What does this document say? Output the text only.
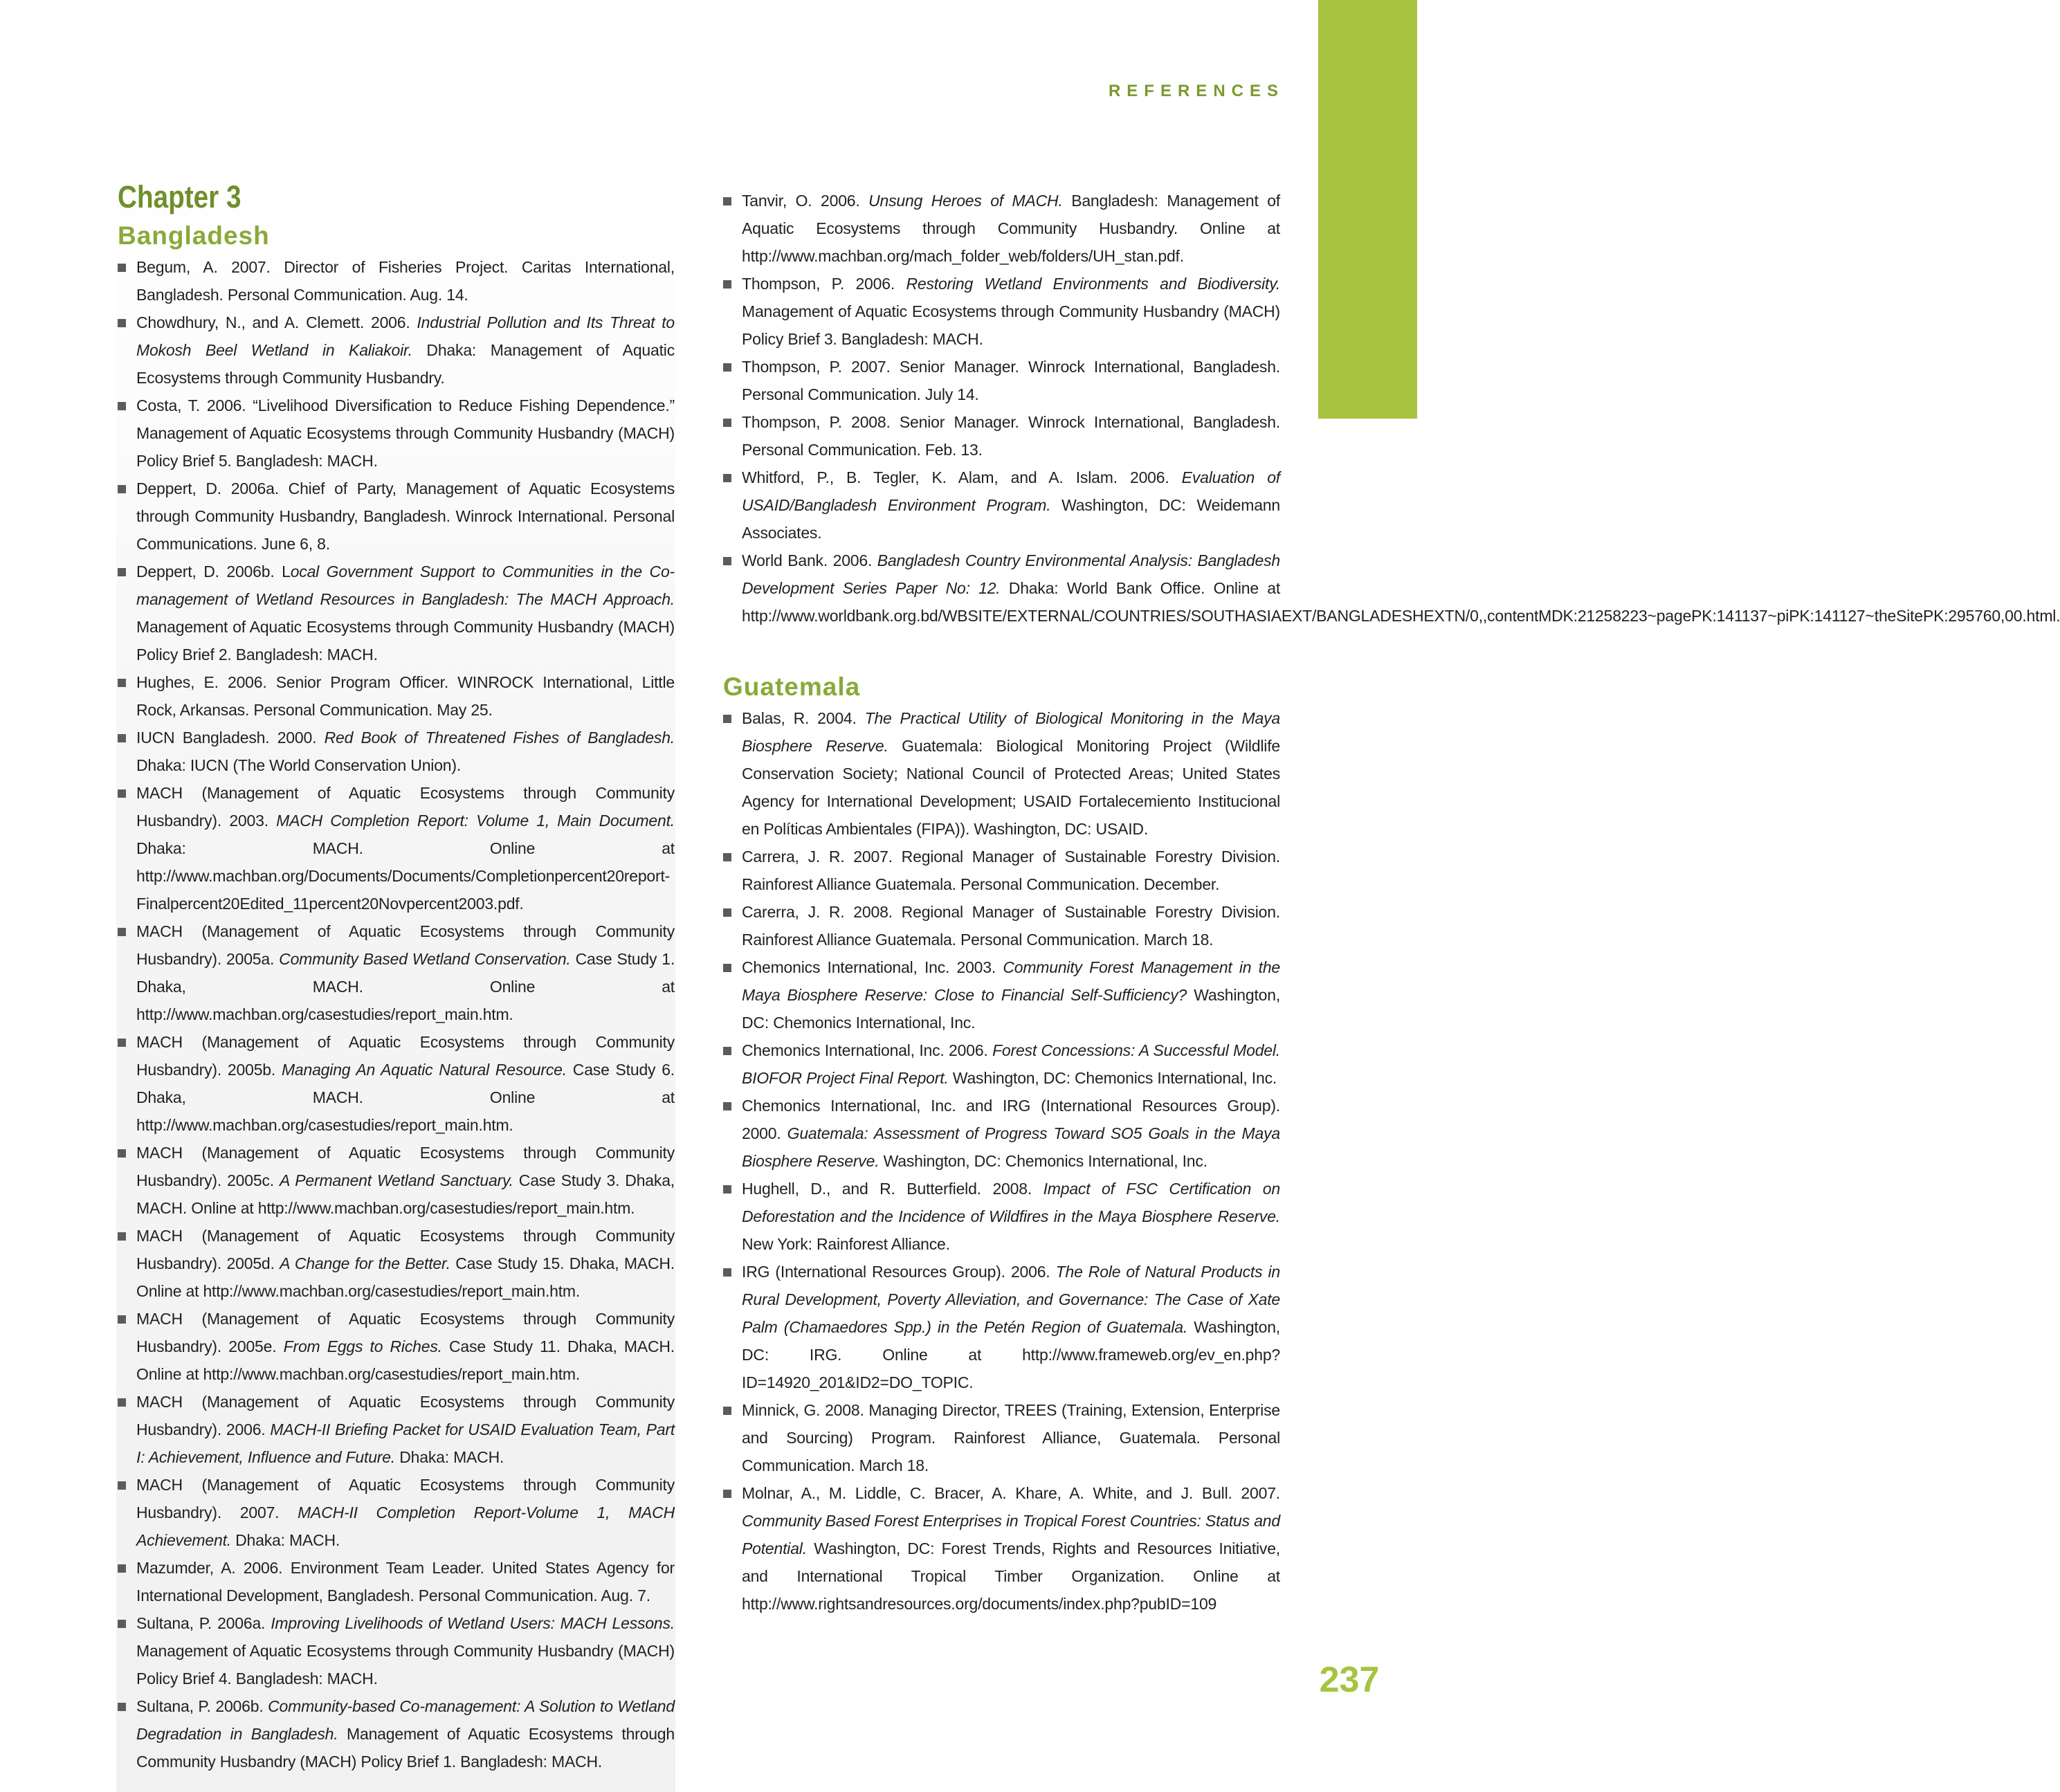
REFERENCES
Chapter 3
Bangladesh
Begum, A. 2007. Director of Fisheries Project. Caritas International, Bangladesh. Personal Communication. Aug. 14.
Chowdhury, N., and A. Clemett. 2006. Industrial Pollution and Its Threat to Mokosh Beel Wetland in Kaliakoir. Dhaka: Management of Aquatic Ecosystems through Community Husbandry.
Costa, T. 2006. “Livelihood Diversification to Reduce Fishing Dependence.” Management of Aquatic Ecosystems through Community Husbandry (MACH) Policy Brief 5. Bangladesh: MACH.
Deppert, D. 2006a. Chief of Party, Management of Aquatic Ecosystems through Community Husbandry, Bangladesh. Winrock International. Personal Communications. June 6, 8.
Deppert, D. 2006b. Local Government Support to Communities in the Co-management of Wetland Resources in Bangladesh: The MACH Approach. Management of Aquatic Ecosystems through Community Husbandry (MACH) Policy Brief 2. Bangladesh: MACH.
Hughes, E. 2006. Senior Program Officer. WINROCK International, Little Rock, Arkansas. Personal Communication. May 25.
IUCN Bangladesh. 2000. Red Book of Threatened Fishes of Bangladesh. Dhaka: IUCN (The World Conservation Union).
MACH (Management of Aquatic Ecosystems through Community Husbandry). 2003. MACH Completion Report: Volume 1, Main Document. Dhaka: MACH. Online at http://www.machban.org/Documents/Documents/Completionpercent20report-Finalpercent20Edited_11percent20Novpercent2003.pdf.
MACH (Management of Aquatic Ecosystems through Community Husbandry). 2005a. Community Based Wetland Conservation. Case Study 1. Dhaka, MACH. Online at http://www.machban.org/casestudies/report_main.htm.
MACH (Management of Aquatic Ecosystems through Community Husbandry). 2005b. Managing An Aquatic Natural Resource. Case Study 6. Dhaka, MACH. Online at http://www.machban.org/casestudies/report_main.htm.
MACH (Management of Aquatic Ecosystems through Community Husbandry). 2005c. A Permanent Wetland Sanctuary. Case Study 3. Dhaka, MACH. Online at http://www.machban.org/casestudies/report_main.htm.
MACH (Management of Aquatic Ecosystems through Community Husbandry). 2005d. A Change for the Better. Case Study 15. Dhaka, MACH. Online at http://www.machban.org/casestudies/report_main.htm.
MACH (Management of Aquatic Ecosystems through Community Husbandry). 2005e. From Eggs to Riches. Case Study 11. Dhaka, MACH. Online at http://www.machban.org/casestudies/report_main.htm.
MACH (Management of Aquatic Ecosystems through Community Husbandry). 2006. MACH-II Briefing Packet for USAID Evaluation Team, Part I: Achievement, Influence and Future. Dhaka: MACH.
MACH (Management of Aquatic Ecosystems through Community Husbandry). 2007. MACH-II Completion Report-Volume 1, MACH Achievement. Dhaka: MACH.
Mazumder, A. 2006. Environment Team Leader. United States Agency for International Development, Bangladesh. Personal Communication. Aug. 7.
Sultana, P. 2006a. Improving Livelihoods of Wetland Users: MACH Lessons. Management of Aquatic Ecosystems through Community Husbandry (MACH) Policy Brief 4. Bangladesh: MACH.
Sultana, P. 2006b. Community-based Co-management: A Solution to Wetland Degradation in Bangladesh. Management of Aquatic Ecosystems through Community Husbandry (MACH) Policy Brief 1. Bangladesh: MACH.
Tanvir, O. 2006. Unsung Heroes of MACH. Bangladesh: Management of Aquatic Ecosystems through Community Husbandry. Online at http://www.machban.org/mach_folder_web/folders/UH_stan.pdf.
Thompson, P. 2006. Restoring Wetland Environments and Biodiversity. Management of Aquatic Ecosystems through Community Husbandry (MACH) Policy Brief 3. Bangladesh: MACH.
Thompson, P. 2007. Senior Manager. Winrock International, Bangladesh. Personal Communication. July 14.
Thompson, P. 2008. Senior Manager. Winrock International, Bangladesh. Personal Communication. Feb. 13.
Whitford, P., B. Tegler, K. Alam, and A. Islam. 2006. Evaluation of USAID/Bangladesh Environment Program. Washington, DC: Weidemann Associates.
World Bank. 2006. Bangladesh Country Environmental Analysis: Bangladesh Development Series Paper No: 12. Dhaka: World Bank Office. Online at http://www.worldbank.org.bd/WBSITE/EXTERNAL/COUNTRIES/SOUTHASIAEXT/BANGLADESHEXTN/0,,contentMDK:21258223~pagePK:141137~piPK:141127~theSitePK:295760,00.html.
Guatemala
Balas, R. 2004. The Practical Utility of Biological Monitoring in the Maya Biosphere Reserve. Guatemala: Biological Monitoring Project (Wildlife Conservation Society; National Council of Protected Areas; United States Agency for International Development; USAID Fortalecemiento Institucional en Políticas Ambientales (FIPA)). Washington, DC: USAID.
Carrera, J. R. 2007. Regional Manager of Sustainable Forestry Division. Rainforest Alliance Guatemala. Personal Communication. December.
Carerra, J. R. 2008. Regional Manager of Sustainable Forestry Division. Rainforest Alliance Guatemala. Personal Communication. March 18.
Chemonics International, Inc. 2003. Community Forest Management in the Maya Biosphere Reserve: Close to Financial Self-Sufficiency? Washington, DC: Chemonics International, Inc.
Chemonics International, Inc. 2006. Forest Concessions: A Successful Model. BIOFOR Project Final Report. Washington, DC: Chemonics International, Inc.
Chemonics International, Inc. and IRG (International Resources Group). 2000. Guatemala: Assessment of Progress Toward SO5 Goals in the Maya Biosphere Reserve. Washington, DC: Chemonics International, Inc.
Hughell, D., and R. Butterfield. 2008. Impact of FSC Certification on Deforestation and the Incidence of Wildfires in the Maya Biosphere Reserve. New York: Rainforest Alliance.
IRG (International Resources Group). 2006. The Role of Natural Products in Rural Development, Poverty Alleviation, and Governance: The Case of Xate Palm (Chamaedores Spp.) in the Petén Region of Guatemala. Washington, DC: IRG. Online at http://www.frameweb.org/ev_en.php?ID=14920_201&ID2=DO_TOPIC.
Minnick, G. 2008. Managing Director, TREES (Training, Extension, Enterprise and Sourcing) Program. Rainforest Alliance, Guatemala. Personal Communication. March 18.
Molnar, A., M. Liddle, C. Bracer, A. Khare, A. White, and J. Bull. 2007. Community Based Forest Enterprises in Tropical Forest Countries: Status and Potential. Washington, DC: Forest Trends, Rights and Resources Initiative, and International Tropical Timber Organization. Online at http://www.rightsandresources.org/documents/index.php?pubID=109
237
